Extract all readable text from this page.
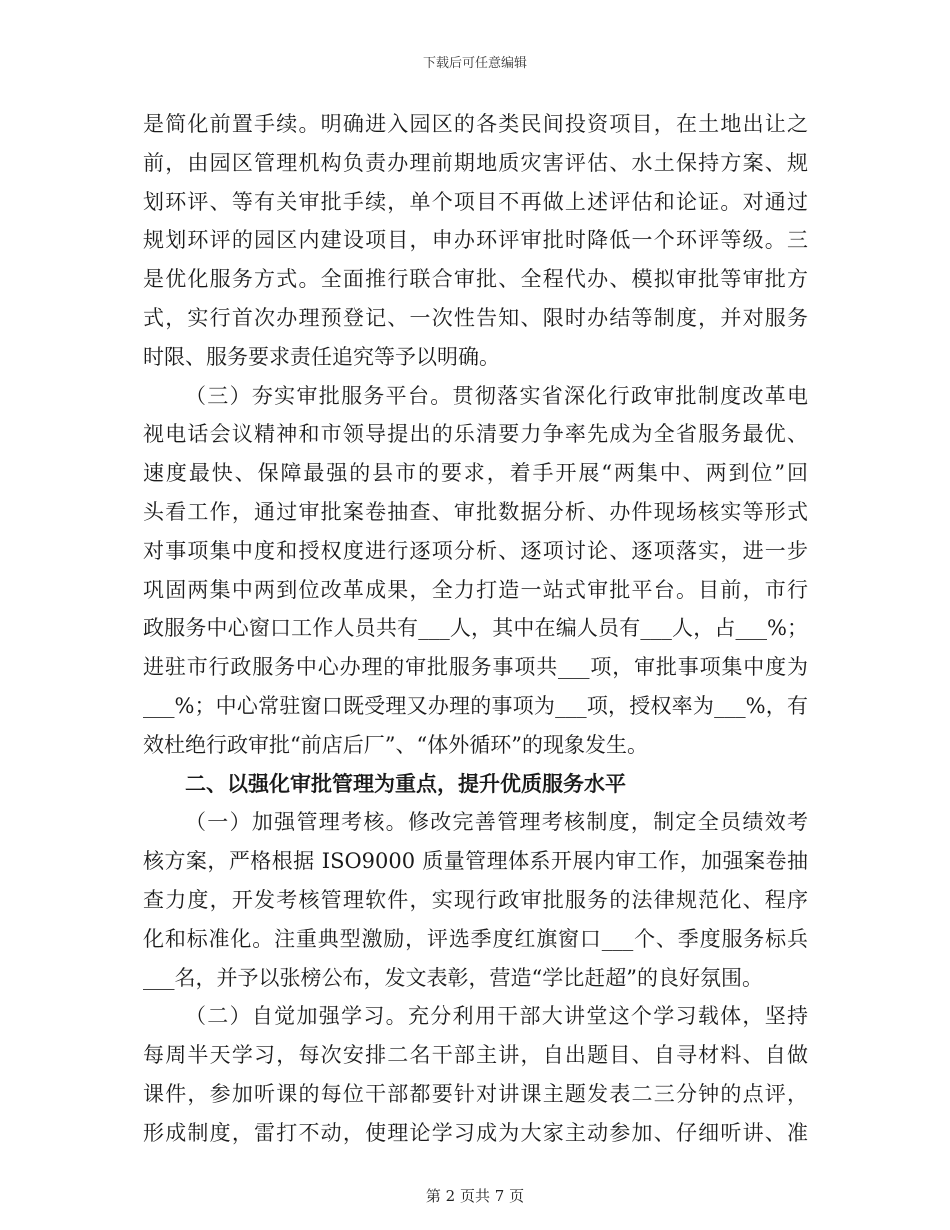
下载后可任意编辑
是简化前置手续。明确进入园区的各类民间投资项目，在土地出让之
前，由园区管理机构负责办理前期地质灾害评估、水土保持方案、规
划环评、等有关审批手续，单个项目不再做上述评估和论证。对通过
规划环评的园区内建设项目，申办环评审批时降低一个环评等级。三
是优化服务方式。全面推行联合审批、全程代办、模拟审批等审批方
式，实行首次办理预登记、一次性告知、限时办结等制度，并对服务
时限、服务要求责任追究等予以明确。
（三）夯实审批服务平台。贯彻落实省深化行政审批制度改革电
视电话会议精神和市领导提出的乐清要力争率先成为全省服务最优、
速度最快、保障最强的县市的要求，着手开展“两集中、两到位”回
头看工作，通过审批案卷抽查、审批数据分析、办件现场核实等形式
对事项集中度和授权度进行逐项分析、逐项讨论、逐项落实，进一步
巩固两集中两到位改革成果，全力打造一站式审批平台。目前，市行
政服务中心窗口工作人员共有___人，其中在编人员有___人，占___%；
进驻市行政服务中心办理的审批服务事项共___项，审批事项集中度为
___%；中心常驻窗口既受理又办理的事项为___项，授权率为___%，有
效杜绝行政审批“前店后厂”、“体外循环”的现象发生。
二、以强化审批管理为重点，提升优质服务水平
（一）加强管理考核。修改完善管理考核制度，制定全员绩效考
核方案，严格根据 ISO9000 质量管理体系开展内审工作，加强案卷抽
查力度，开发考核管理软件，实现行政审批服务的法律规范化、程序
化和标准化。注重典型激励，评选季度红旗窗口___个、季度服务标兵
___名，并予以张榜公布，发文表彰，营造“学比赶超”的良好氛围。
（二）自觉加强学习。充分利用干部大讲堂这个学习载体，坚持
每周半天学习，每次安排二名干部主讲，自出题目、自寻材料、自做
课件，参加听课的每位干部都要针对讲课主题发表二三分钟的点评，
形成制度，雷打不动，使理论学习成为大家主动参加、仔细听讲、准
第 2 页共 7 页
